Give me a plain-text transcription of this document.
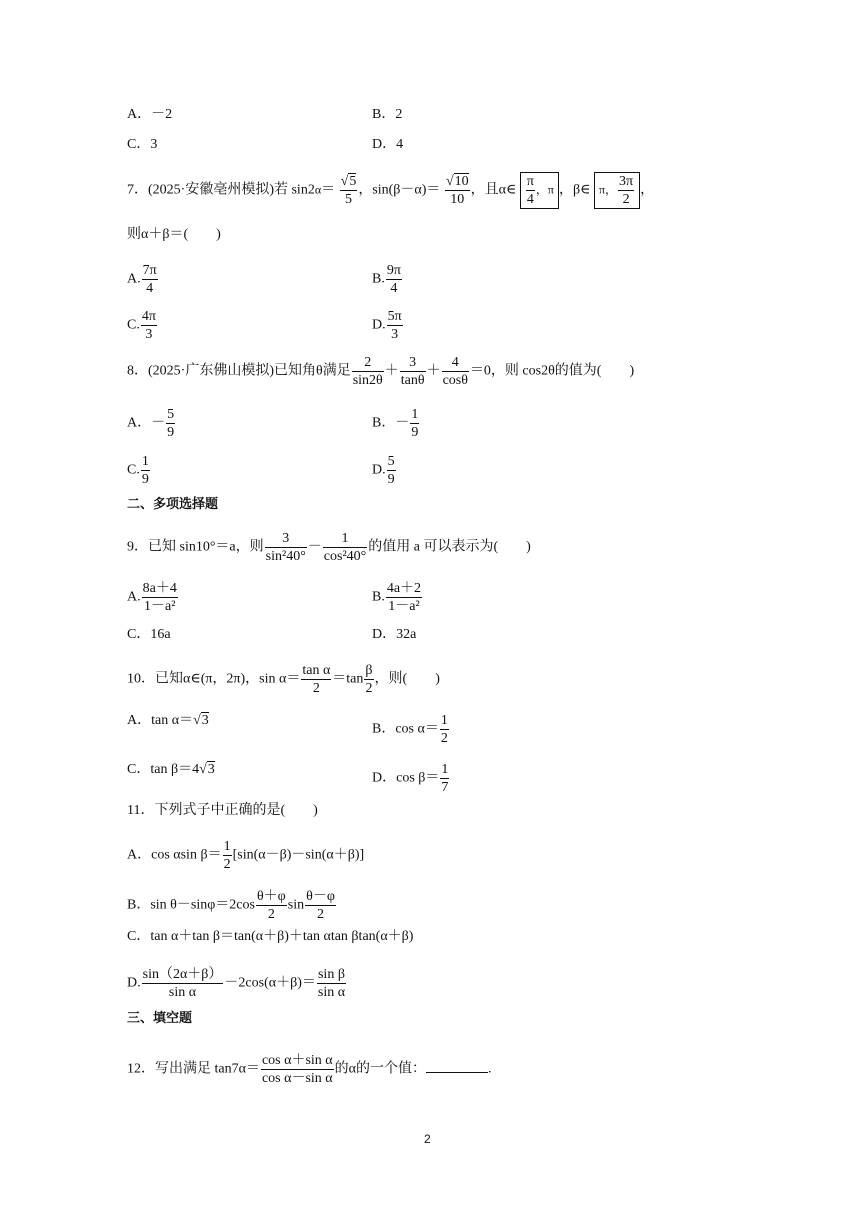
A．－2	B．2
C．3	D．4
7．(2025·安徽亳州模拟)若 $\sin 2\alpha= \frac{√5}{5}$ ，$\sin(\beta-\alpha)= \frac{√10}{10}$ ，且α∈ $\frac{\pi}{4}$ ，π ，β∈ π， $\frac{3\pi}{2}$ ，
则α＋β＝(　　)
A. $\frac{7\pi}{4}$	B. $\frac{9\pi}{4}$
C. $\frac{4\pi}{3}$	D. $\frac{5\pi}{3}$
8．(2025·广东佛山模拟)已知角θ满足 $\frac{2}{\sin 2\theta} + \frac{3}{\tan\theta} + \frac{4}{\cos\theta} =0$，则 cos2θ的值为(　　)
A．－ $\frac{5}{9}$	B．－ $\frac{1}{9}$
C. $\frac{1}{9}$	D. $\frac{5}{9}$
二、多项选择题
9．已知 sin10°＝a，则 $\frac{3}{\text{sin²40°}} - \frac{1}{\text{cos²40°}}$ 的值用 a 可以表示为(　　)
A. $\frac{8a+4}{\text{1－a²}}$	B. $\frac{4a+2}{\text{1－a²}}$
C．16a	D．32a
10．已知α∈(π，2π)，$\sin \alpha= \frac{\text{tan α}}{2} =\tan \frac{\beta}{2}$ ，则(　　)
A．tan α＝√3
B．$\cos \alpha= \frac{1}{2}$
C．tan β＝4√3
D．$\cos \beta= \frac{1}{7}$
11．下列式子中正确的是(　　)
A．cos αsin $\beta= \frac{1}{2} [\sin(\alpha-\beta)-\sin(\alpha+\beta)]$
B．$\sin \theta-\sin\varphi=2\cos \frac{\theta+\varphi}{2}$ $\sin \frac{\theta-\varphi}{2}$
C．tan α＋tan β＝tan(α＋β)＋tan αtan βtan(α＋β)
D. $\frac{\sin(2\alpha+\beta)}{\text{sin α}} -2\cos(\alpha+\beta)= \frac{\text{sin β}}{\text{sin α}}$
三、填空题
12．写出满足 $\tan 7\alpha= \frac{\text{cos α＋sin α}}{\text{cos α－sin α}}$ 的α的一个值：	.
2
